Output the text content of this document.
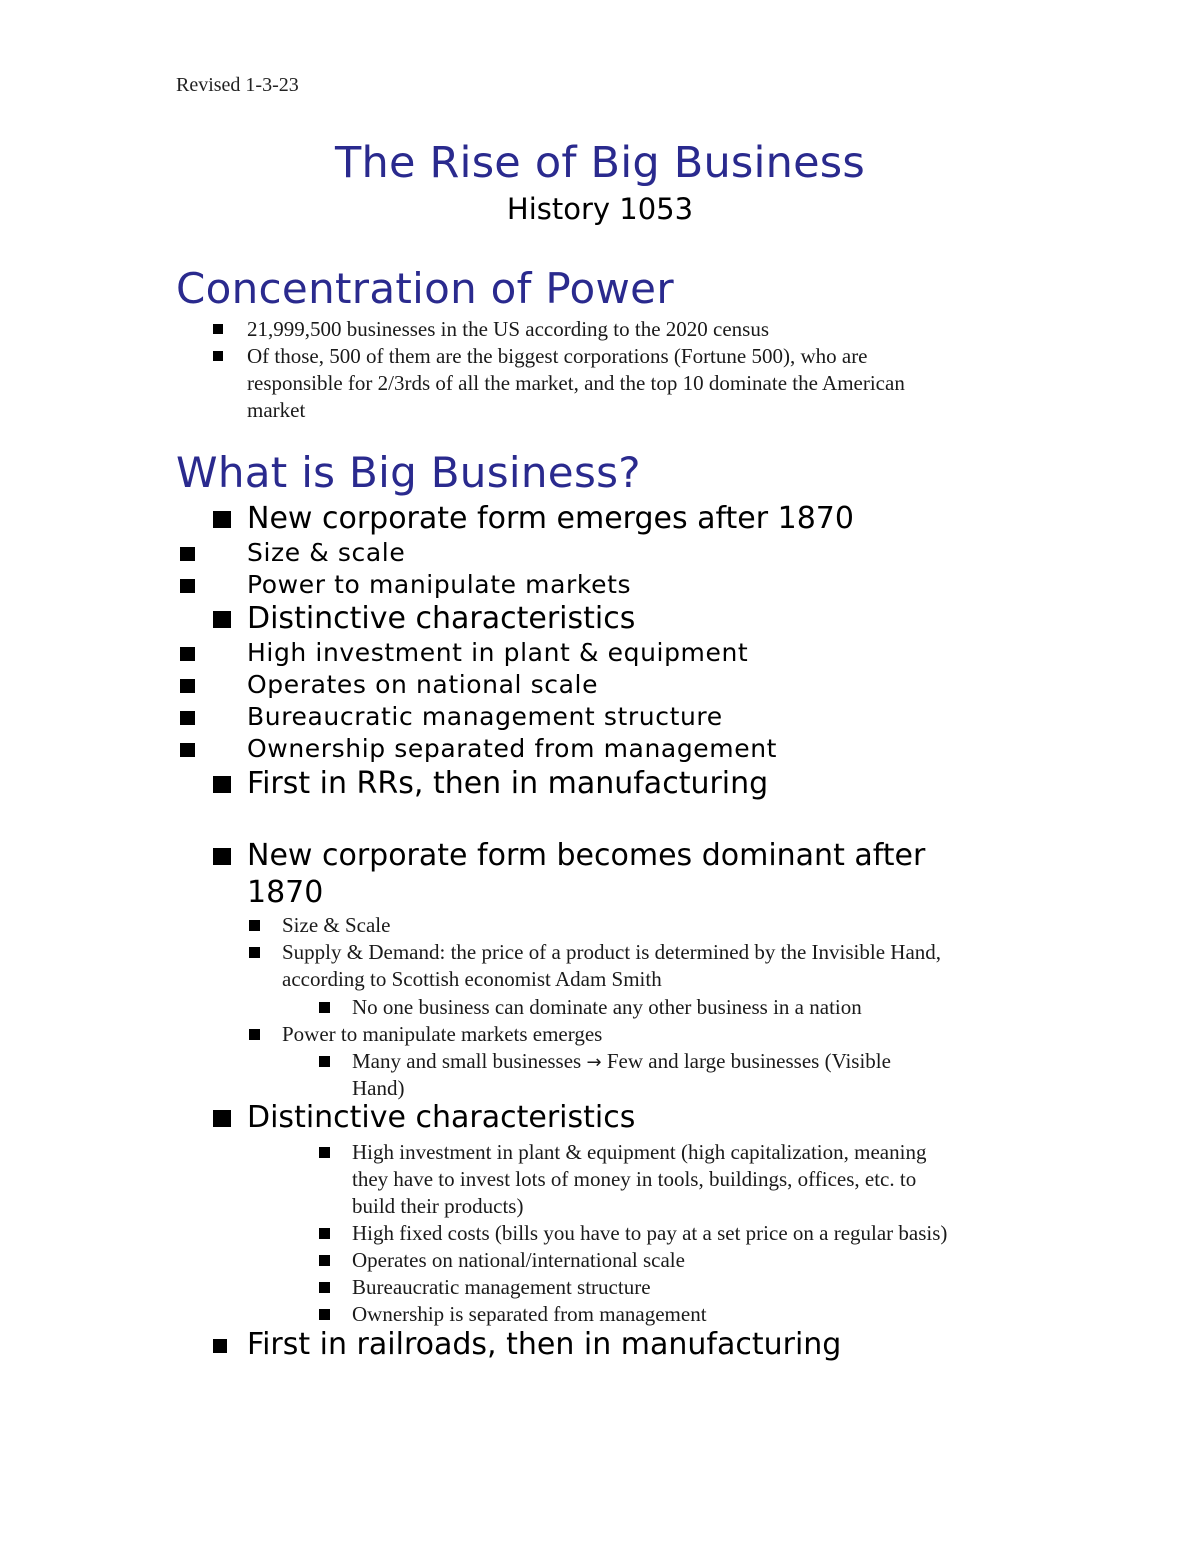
Revised 1-3-23
The Rise of Big Business
History 1053
Concentration of Power
21,999,500 businesses in the US according to the 2020 census
Of those, 500 of them are the biggest corporations (Fortune 500), who are
responsible for 2/3rds of all the market, and the top 10 dominate the American
market
What is Big Business?
New corporate form emerges after 1870
Size & scale
Power to manipulate markets
Distinctive characteristics
High investment in plant & equipment
Operates on national scale
Bureaucratic management structure
Ownership separated from management
First in RRs, then in manufacturing
New corporate form becomes dominant after
1870
Size & Scale
Supply & Demand: the price of a product is determined by the Invisible Hand,
according to Scottish economist Adam Smith
No one business can dominate any other business in a nation
Power to manipulate markets emerges
Many and small businesses → Few and large businesses (Visible
Hand)
Distinctive characteristics
High investment in plant & equipment (high capitalization, meaning
they have to invest lots of money in tools, buildings, offices, etc. to
build their products)
High fixed costs (bills you have to pay at a set price on a regular basis)
Operates on national/international scale
Bureaucratic management structure
Ownership is separated from management
First in railroads, then in manufacturing
